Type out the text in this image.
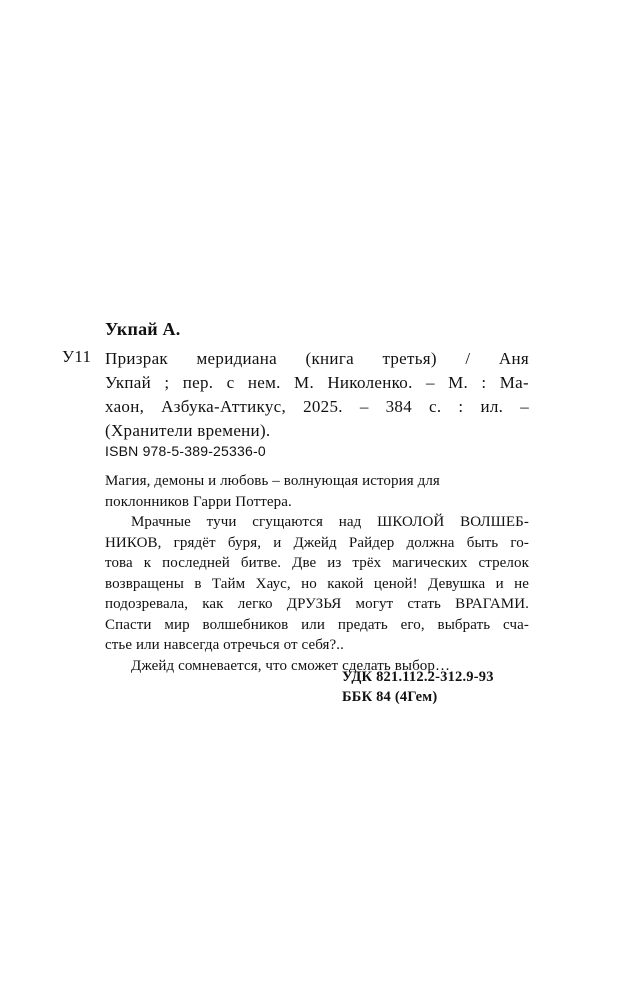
Укпай А.
У11 Призрак меридиана (книга третья) / Аня
Укпай ; пер. с нем. М. Николенко. – М. : Ма-
хаон, Азбука-Аттикус, 2025. – 384 с. : ил. –
(Хранители времени).
ISBN 978-5-389-25336-0
Магия, демоны и любовь – волнующая история для
поклонников Гарри Поттера.
Мрачные тучи сгущаются над ШКОЛОЙ ВОЛШЕБ-
НИКОВ, грядёт буря, и Джейд Райдер должна быть го-
това к последней битве. Две из трёх магических стрелок
возвращены в Тайм Хаус, но какой ценой! Девушка и не
подозревала, как легко ДРУЗЬЯ могут стать ВРАГАМИ.
Спасти мир волшебников или предать его, выбрать сча-
стье или навсегда отречься от себя?..
Джейд сомневается, что сможет сделать выбор…
УДК 821.112.2-312.9-93
ББК 84 (4Гем)
